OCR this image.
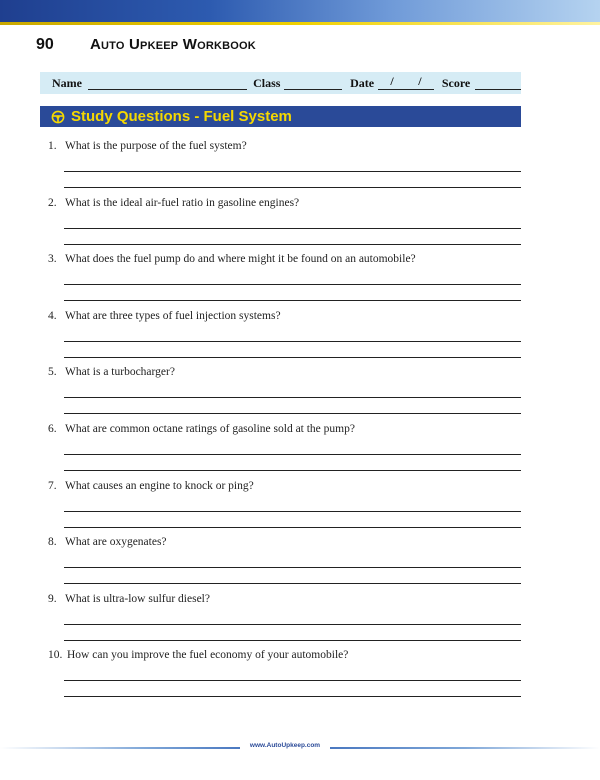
90	Auto Upkeep Workbook
Name	Class	Date / / Score
Study Questions - Fuel System
1. What is the purpose of the fuel system?
2. What is the ideal air-fuel ratio in gasoline engines?
3. What does the fuel pump do and where might it be found on an automobile?
4. What are three types of fuel injection systems?
5. What is a turbocharger?
6. What are common octane ratings of gasoline sold at the pump?
7. What causes an engine to knock or ping?
8. What are oxygenates?
9. What is ultra-low sulfur diesel?
10. How can you improve the fuel economy of your automobile?
www.AutoUpkeep.com
